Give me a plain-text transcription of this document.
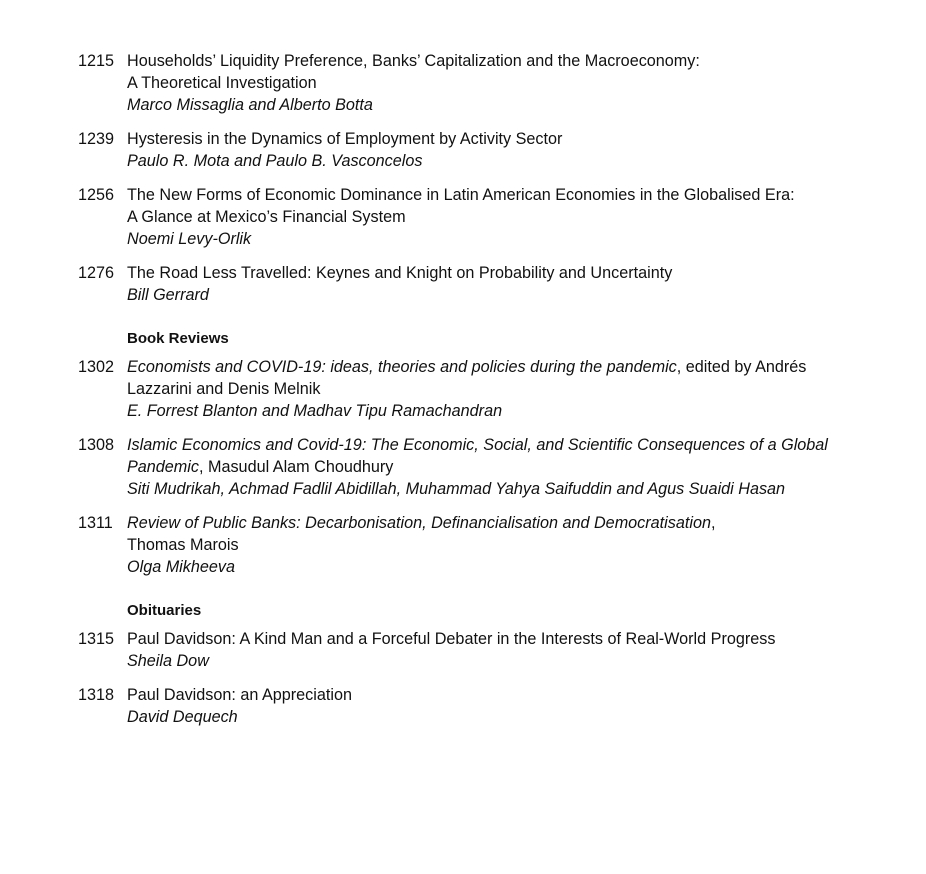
1215 Households’ Liquidity Preference, Banks’ Capitalization and the Macroeconomy:
A Theoretical Investigation
Marco Missaglia and Alberto Botta
1239 Hysteresis in the Dynamics of Employment by Activity Sector
Paulo R. Mota and Paulo B. Vasconcelos
1256 The New Forms of Economic Dominance in Latin American Economies in the Globalised Era:
A Glance at Mexico’s Financial System
Noemi Levy-Orlik
1276 The Road Less Travelled: Keynes and Knight on Probability and Uncertainty
Bill Gerrard
Book Reviews
1302 Economists and COVID-19: ideas, theories and policies during the pandemic, edited by Andrés
Lazzarini and Denis Melnik
E. Forrest Blanton and Madhav Tipu Ramachandran
1308 Islamic Economics and Covid-19: The Economic, Social, and Scientific Consequences of a Global
Pandemic, Masudul Alam Choudhury
Siti Mudrikah, Achmad Fadlil Abidillah, Muhammad Yahya Saifuddin and Agus Suaidi Hasan
1311 Review of Public Banks: Decarbonisation, Definancialisation and Democratisation,
Thomas Marois
Olga Mikheeva
Obituaries
1315 Paul Davidson: A Kind Man and a Forceful Debater in the Interests of Real-World Progress
Sheila Dow
1318 Paul Davidson: an Appreciation
David Dequech
